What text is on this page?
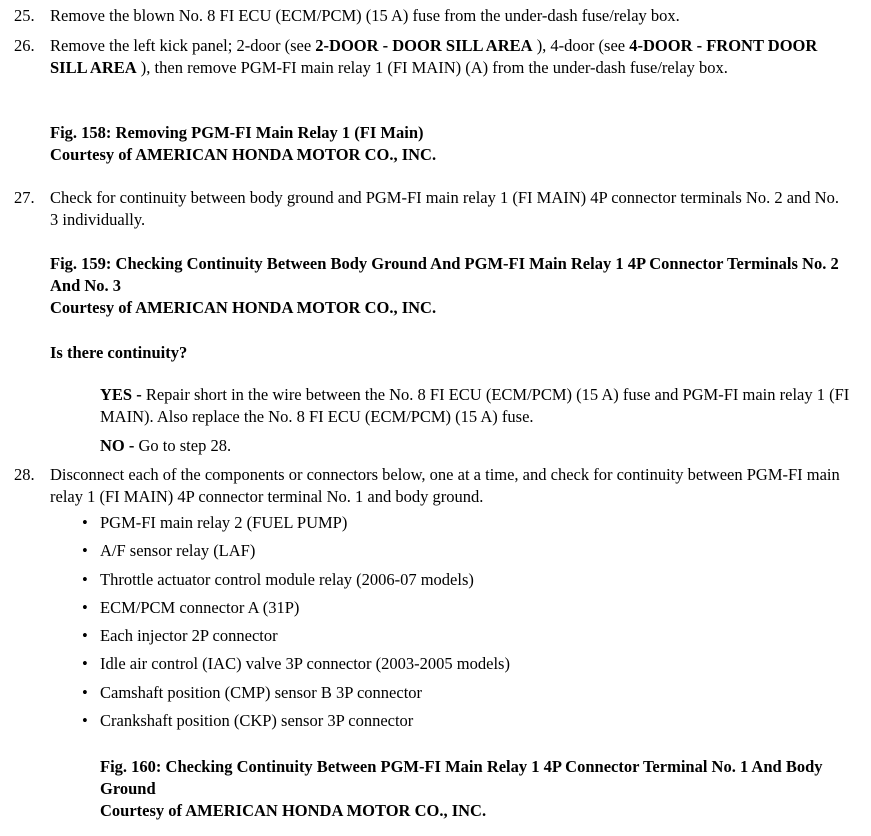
25. Remove the blown No. 8 FI ECU (ECM/PCM) (15 A) fuse from the under-dash fuse/relay box.
26. Remove the left kick panel; 2-door (see 2-DOOR - DOOR SILL AREA ), 4-door (see 4-DOOR - FRONT DOOR SILL AREA ), then remove PGM-FI main relay 1 (FI MAIN) (A) from the under-dash fuse/relay box.
Fig. 158: Removing PGM-FI Main Relay 1 (FI Main)
Courtesy of AMERICAN HONDA MOTOR CO., INC.
27. Check for continuity between body ground and PGM-FI main relay 1 (FI MAIN) 4P connector terminals No. 2 and No. 3 individually.
Fig. 159: Checking Continuity Between Body Ground And PGM-FI Main Relay 1 4P Connector Terminals No. 2 And No. 3
Courtesy of AMERICAN HONDA MOTOR CO., INC.
Is there continuity?
YES - Repair short in the wire between the No. 8 FI ECU (ECM/PCM) (15 A) fuse and PGM-FI main relay 1 (FI MAIN). Also replace the No. 8 FI ECU (ECM/PCM) (15 A) fuse.
NO - Go to step 28.
28. Disconnect each of the components or connectors below, one at a time, and check for continuity between PGM-FI main relay 1 (FI MAIN) 4P connector terminal No. 1 and body ground.
• PGM-FI main relay 2 (FUEL PUMP)
• A/F sensor relay (LAF)
• Throttle actuator control module relay (2006-07 models)
• ECM/PCM connector A (31P)
• Each injector 2P connector
• Idle air control (IAC) valve 3P connector (2003-2005 models)
• Camshaft position (CMP) sensor B 3P connector
• Crankshaft position (CKP) sensor 3P connector
Fig. 160: Checking Continuity Between PGM-FI Main Relay 1 4P Connector Terminal No. 1 And Body Ground
Courtesy of AMERICAN HONDA MOTOR CO., INC.
